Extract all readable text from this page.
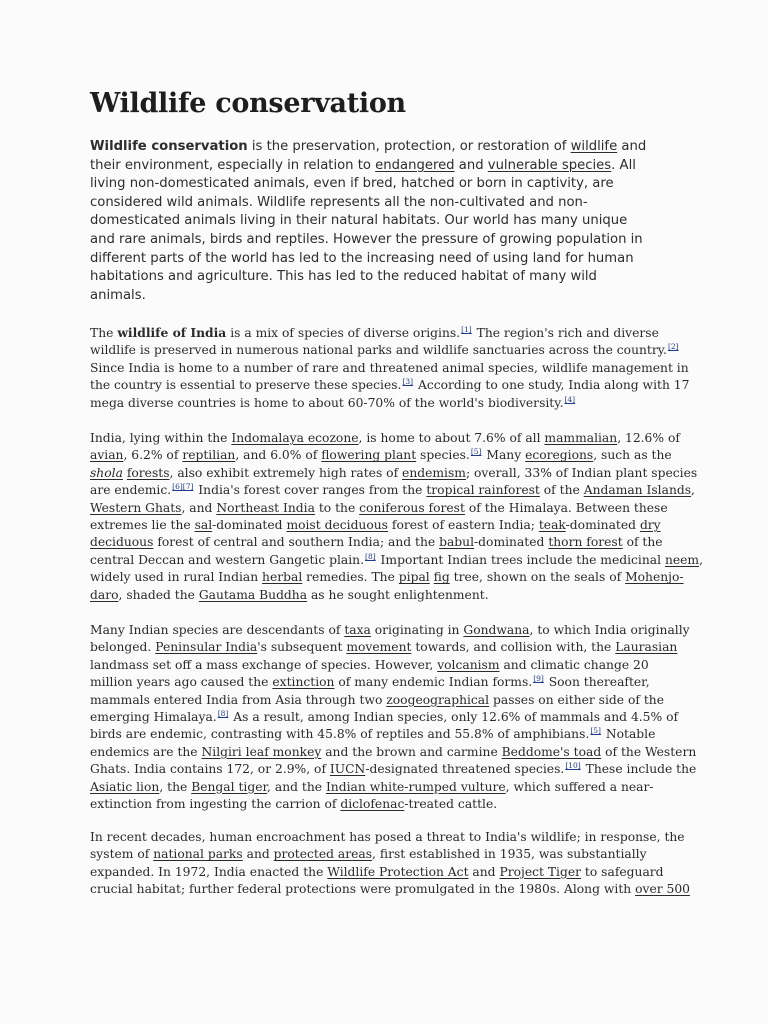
Wildlife conservation

Wildlife conservation is the preservation, protection, or restoration of wildlife and
their environment, especially in relation to endangered and vulnerable species. All
living non-domesticated animals, even if bred, hatched or born in captivity, are
considered wild animals. Wildlife represents all the non-cultivated and non-
domesticated animals living in their natural habitats. Our world has many unique
and rare animals, birds and reptiles. However the pressure of growing population in
different parts of the world has led to the increasing need of using land for human
habitations and agriculture. This has led to the reduced habitat of many wild
animals.

The wildlife of India is a mix of species of diverse origins.[1] The region's rich and diverse
wildlife is preserved in numerous national parks and wildlife sanctuaries across the country.[2]
Since India is home to a number of rare and threatened animal species, wildlife management in
the country is essential to preserve these species.[3] According to one study, India along with 17
mega diverse countries is home to about 60-70% of the world's biodiversity.[4]

India, lying within the Indomalaya ecozone, is home to about 7.6% of all mammalian, 12.6% of
avian, 6.2% of reptilian, and 6.0% of flowering plant species.[5] Many ecoregions, such as the
shola forests, also exhibit extremely high rates of endemism; overall, 33% of Indian plant species
are endemic.[6][7] India's forest cover ranges from the tropical rainforest of the Andaman Islands,
Western Ghats, and Northeast India to the coniferous forest of the Himalaya. Between these
extremes lie the sal-dominated moist deciduous forest of eastern India; teak-dominated dry
deciduous forest of central and southern India; and the babul-dominated thorn forest of the
central Deccan and western Gangetic plain.[8] Important Indian trees include the medicinal neem,
widely used in rural Indian herbal remedies. The pipal fig tree, shown on the seals of Mohenjo-
daro, shaded the Gautama Buddha as he sought enlightenment.

Many Indian species are descendants of taxa originating in Gondwana, to which India originally
belonged. Peninsular India's subsequent movement towards, and collision with, the Laurasian
landmass set off a mass exchange of species. However, volcanism and climatic change 20
million years ago caused the extinction of many endemic Indian forms.[9] Soon thereafter,
mammals entered India from Asia through two zoogeographical passes on either side of the
emerging Himalaya.[8] As a result, among Indian species, only 12.6% of mammals and 4.5% of
birds are endemic, contrasting with 45.8% of reptiles and 55.8% of amphibians.[5] Notable
endemics are the Nilgiri leaf monkey and the brown and carmine Beddome's toad of the Western
Ghats. India contains 172, or 2.9%, of IUCN-designated threatened species.[10] These include the
Asiatic lion, the Bengal tiger, and the Indian white-rumped vulture, which suffered a near-
extinction from ingesting the carrion of diclofenac-treated cattle.

In recent decades, human encroachment has posed a threat to India's wildlife; in response, the
system of national parks and protected areas, first established in 1935, was substantially
expanded. In 1972, India enacted the Wildlife Protection Act and Project Tiger to safeguard
crucial habitat; further federal protections were promulgated in the 1980s. Along with over 500
